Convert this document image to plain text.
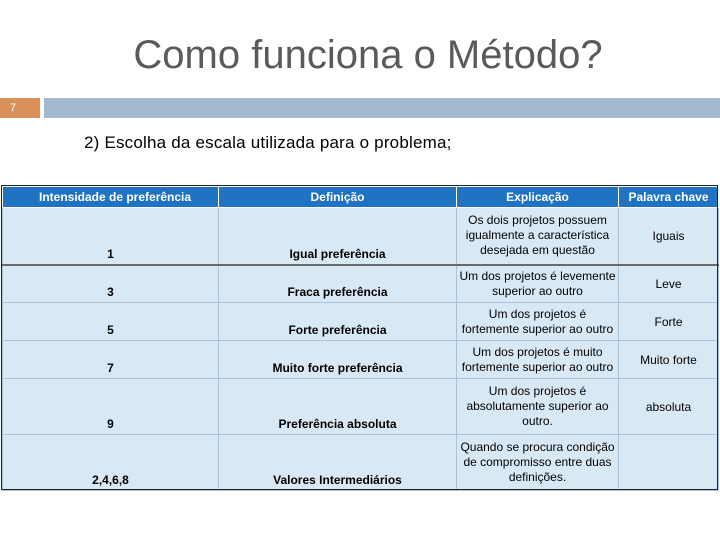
Como funciona o Método?
7
2) Escolha da escala utilizada para o problema;
Intensidade de preferência	Definição	Explicação	Palavra chave
1	Igual preferência	Os dois projetos possuem igualmente a característica desejada em questão	Iguais
3	Fraca preferência	Um dos projetos é levemente superior ao outro	Leve
5	Forte preferência	Um dos projetos é fortemente superior ao outro	Forte
7	Muito forte preferência	Um dos projetos é muito fortemente superior ao outro	Muito forte
9	Preferência absoluta	Um dos projetos é absolutamente superior ao outro.	absoluta
2,4,6,8	Valores Intermediários	Quando se procura condição de compromisso entre duas definições.	
